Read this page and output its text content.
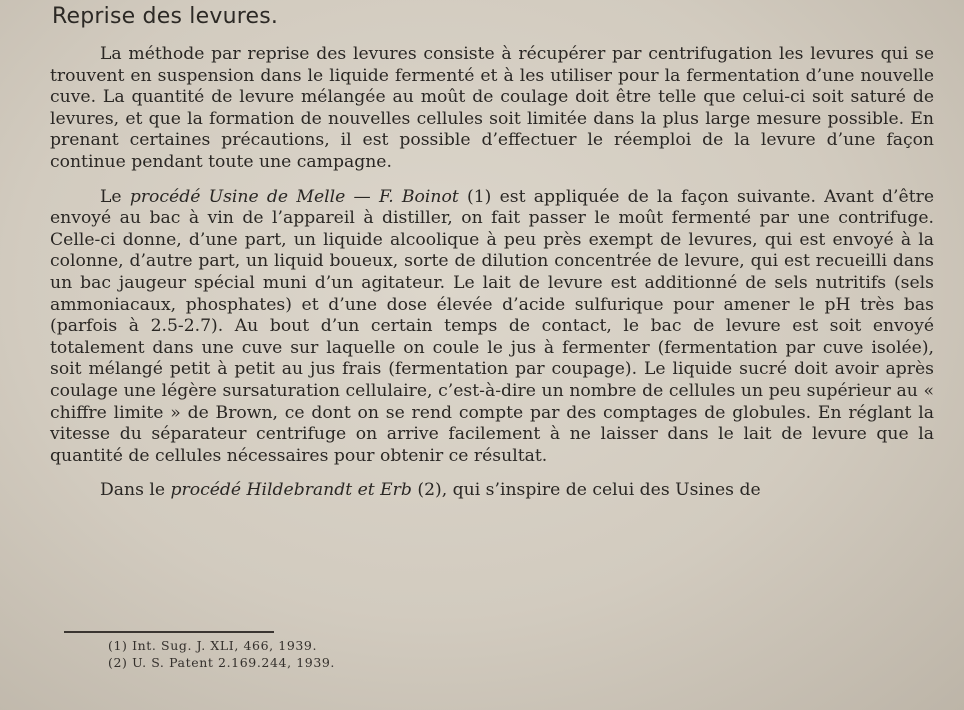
Reprise des levures.

La méthode par reprise des levures consiste à récupérer par centrifugation les levures qui se trouvent en suspension dans le liquide fermenté et à les utiliser pour la fermentation d’une nouvelle cuve. La quantité de levure mélangée au moût de coulage doit être telle que celui-ci soit saturé de levures, et que la formation de nouvelles cellules soit limitée dans la plus large mesure possible. En prenant certaines précautions, il est possible d’effectuer le réemploi de la levure d’une façon continue pendant toute une campagne.

Le procédé Usine de Melle — F. Boinot (1) est appliquée de la façon suivante. Avant d’être envoyé au bac à vin de l’appareil à distiller, on fait passer le moût fermenté par une contrifuge. Celle-ci donne, d’une part, un liquide alcoolique à peu près exempt de levures, qui est envoyé à la colonne, d’autre part, un liquid boueux, sorte de dilution concentrée de levure, qui est recueilli dans un bac jaugeur spécial muni d’un agitateur. Le lait de levure est additionné de sels nutritifs (sels ammoniacaux, phosphates) et d’une dose élevée d’acide sulfurique pour amener le pH très bas (parfois à 2.5-2.7). Au bout d’un certain temps de contact, le bac de levure est soit envoyé totalement dans une cuve sur laquelle on coule le jus à fermenter (fermentation par cuve isolée), soit mélangé petit à petit au jus frais (fermentation par coupage). Le liquide sucré doit avoir après coulage une légère sursaturation cellulaire, c’est-à-dire un nombre de cellules un peu supérieur au « chiffre limite » de Brown, ce dont on se rend compte par des comptages de globules. En réglant la vitesse du séparateur centrifuge on arrive facilement à ne laisser dans le lait de levure que la quantité de cellules nécessaires pour obtenir ce résultat.

Dans le procédé Hildebrandt et Erb (2), qui s’inspire de celui des Usines de

(1) Int. Sug. J. XLI, 466, 1939.
(2) U. S. Patent 2.169.244, 1939.
